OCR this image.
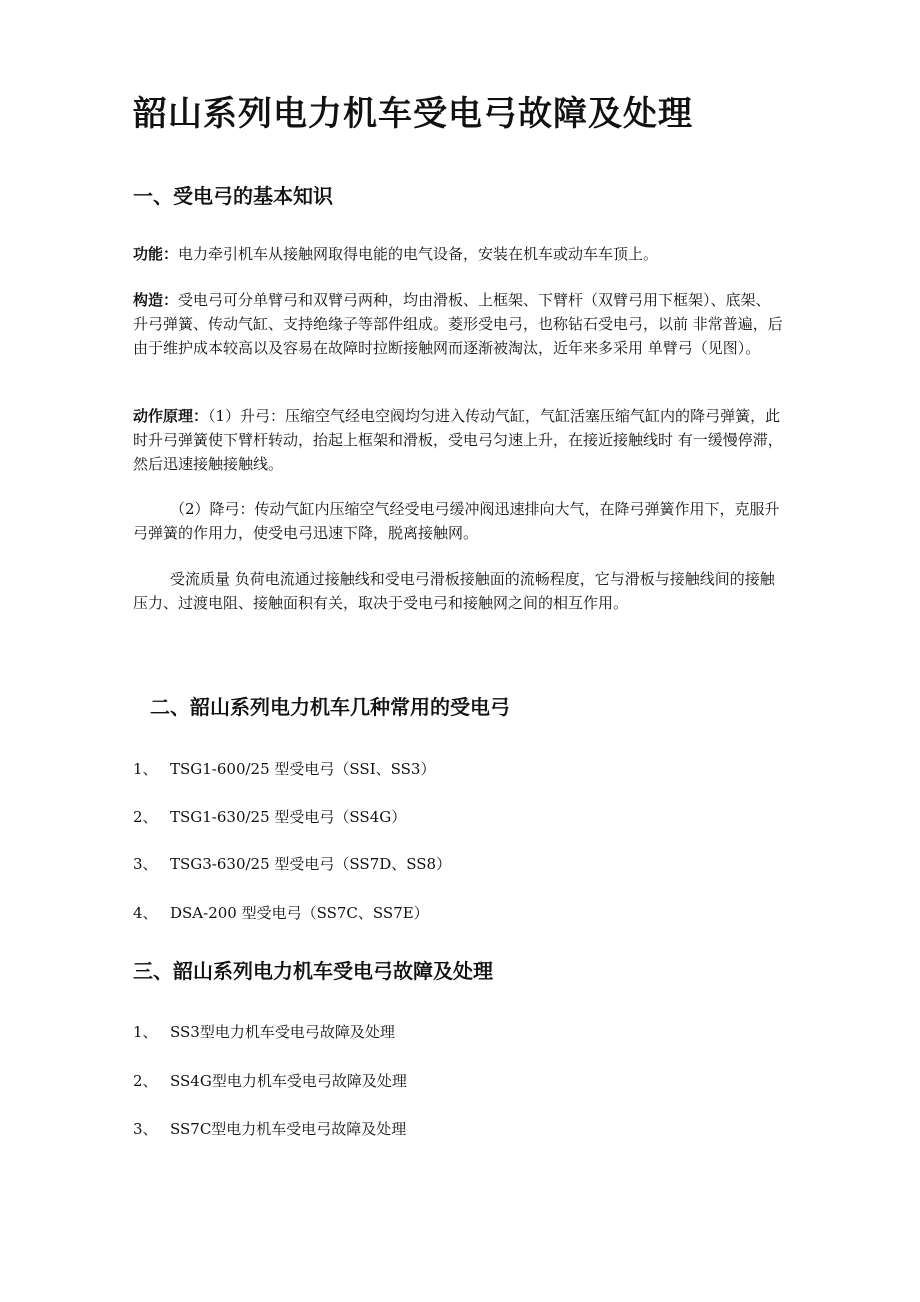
韶山系列电力机车受电弓故障及处理
一、受电弓的基本知识

功能：电力牵引机车从接触网取得电能的电气设备，安装在机车或动车车顶上。

构造：受电弓可分单臂弓和双臂弓两种，均由滑板、上框架、下臂杆（双臂弓用下框架）、底架、升弓弹簧、传动气缸、支持绝缘子等部件组成。菱形受电弓，也称钻石受电弓，以前 非常普遍，后由于维护成本较高以及容易在故障时拉断接触网而逐渐被淘汰，近年来多采用 单臂弓（见图）。

动作原理：（1）升弓：压缩空气经电空阀均匀进入传动气缸，气缸活塞压缩气缸内的降弓弹簧，此时升弓弹簧使下臂杆转动，抬起上框架和滑板，受电弓匀速上升，在接近接触线时 有一缓慢停滞，然后迅速接触接触线。

（2）降弓：传动气缸内压缩空气经受电弓缓冲阀迅速排向大气，在降弓弹簧作用下，克服升弓弹簧的作用力，使受电弓迅速下降，脱离接触网。

受流质量 负荷电流通过接触线和受电弓滑板接触面的流畅程度，它与滑板与接触线间的接触压力、过渡电阻、接触面积有关，取决于受电弓和接触网之间的相互作用。

二、韶山系列电力机车几种常用的受电弓
1、 TSG1-600/25 型受电弓（SSI、SS3）
2、 TSG1-630/25 型受电弓（SS4G）
3、 TSG3-630/25 型受电弓（SS7D、SS8）
4、 DSA-200 型受电弓（SS7C、SS7E）
三、韶山系列电力机车受电弓故障及处理
1、 SS3型电力机车受电弓故障及处理
2、 SS4G型电力机车受电弓故障及处理
3、 SS7C型电力机车受电弓故障及处理
